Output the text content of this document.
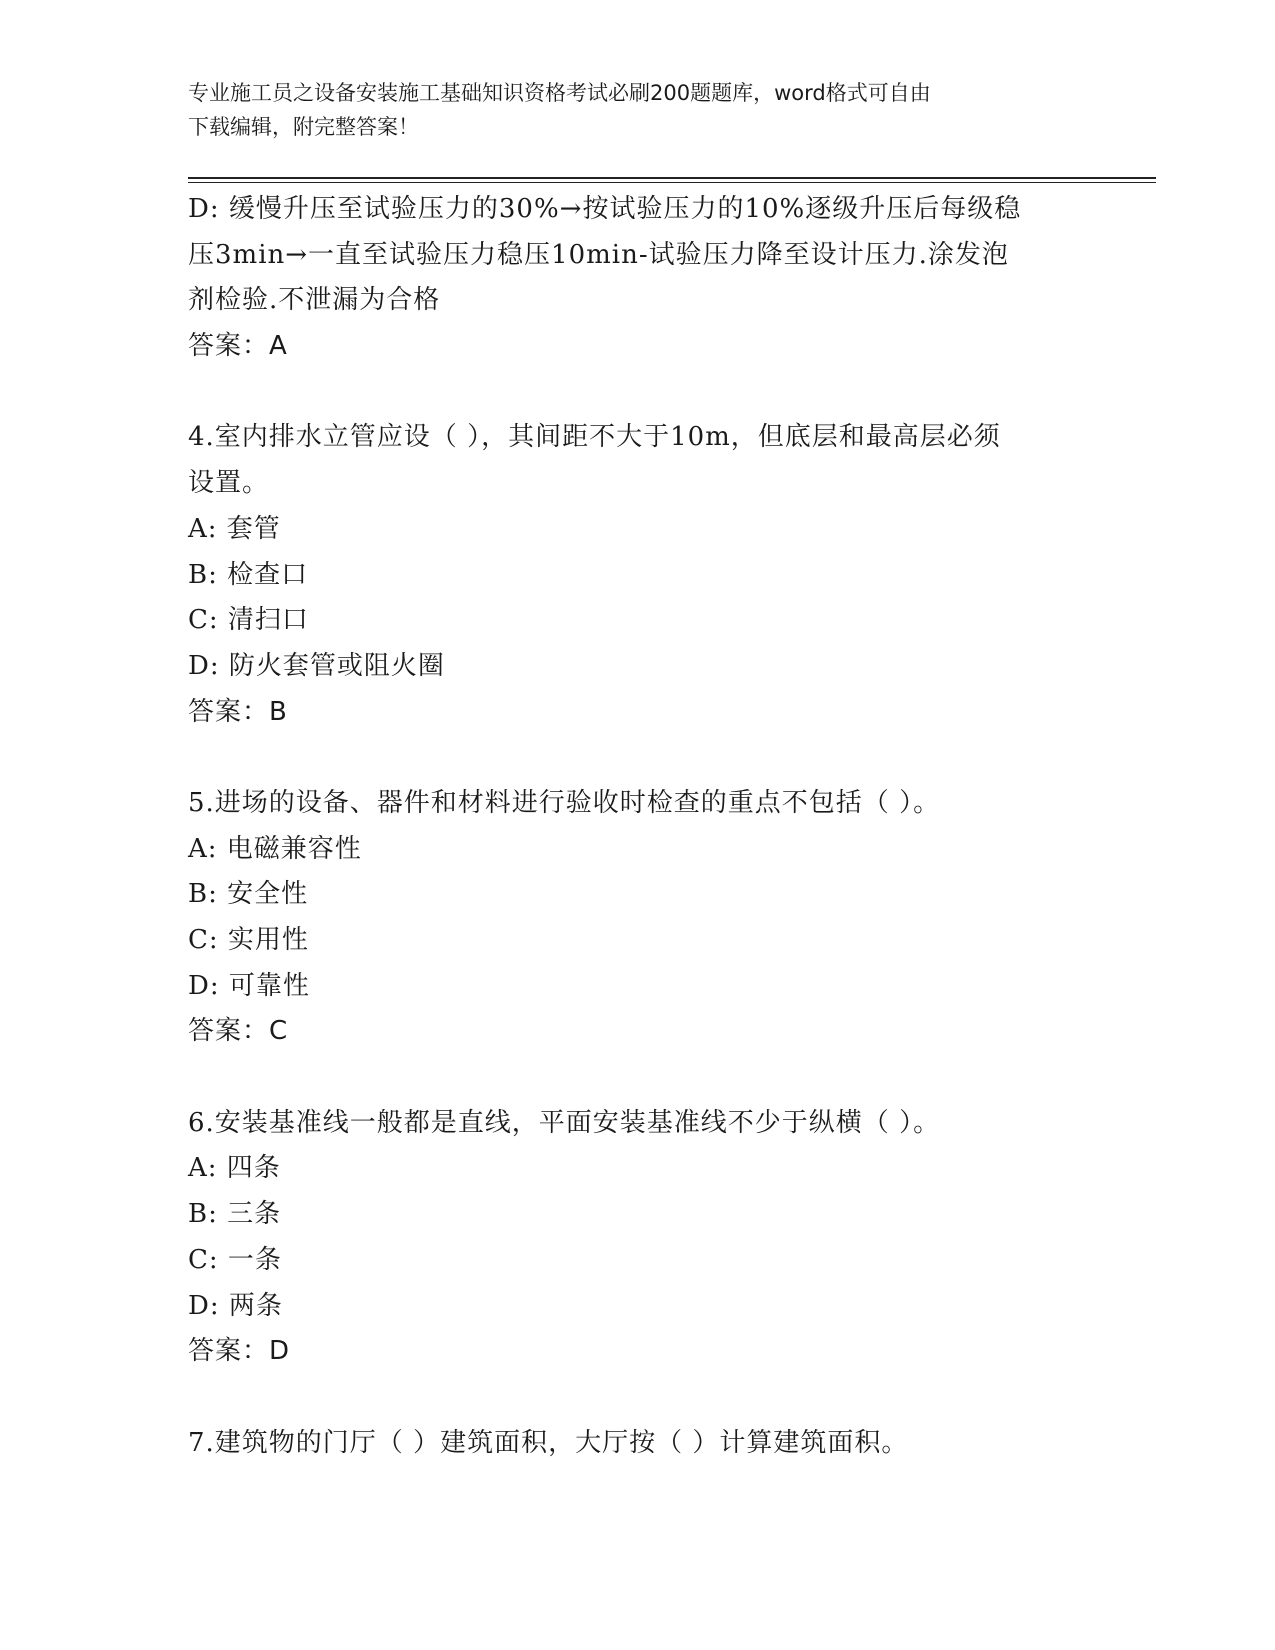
专业施工员之设备安装施工基础知识资格考试必刷200题题库，word格式可自由
下载编辑，附完整答案！
D: 缓慢升压至试验压力的30%→按试验压力的10%逐级升压后每级稳
压3min→一直至试验压力稳压10min-试验压力降至设计压力.涂发泡
剂检验.不泄漏为合格
答案：A
4.室内排水立管应设（ ），其间距不大于10m，但底层和最高层必须
设置。
A: 套管
B: 检查口
C: 清扫口
D: 防火套管或阻火圈
答案：B
5.进场的设备、器件和材料进行验收时检查的重点不包括（ ）。
A: 电磁兼容性
B: 安全性
C: 实用性
D: 可靠性
答案：C
6.安装基准线一般都是直线，平面安装基准线不少于纵横（ ）。
A: 四条
B: 三条
C: 一条
D: 两条
答案：D
7.建筑物的门厅（ ）建筑面积，大厅按（ ）计算建筑面积。
